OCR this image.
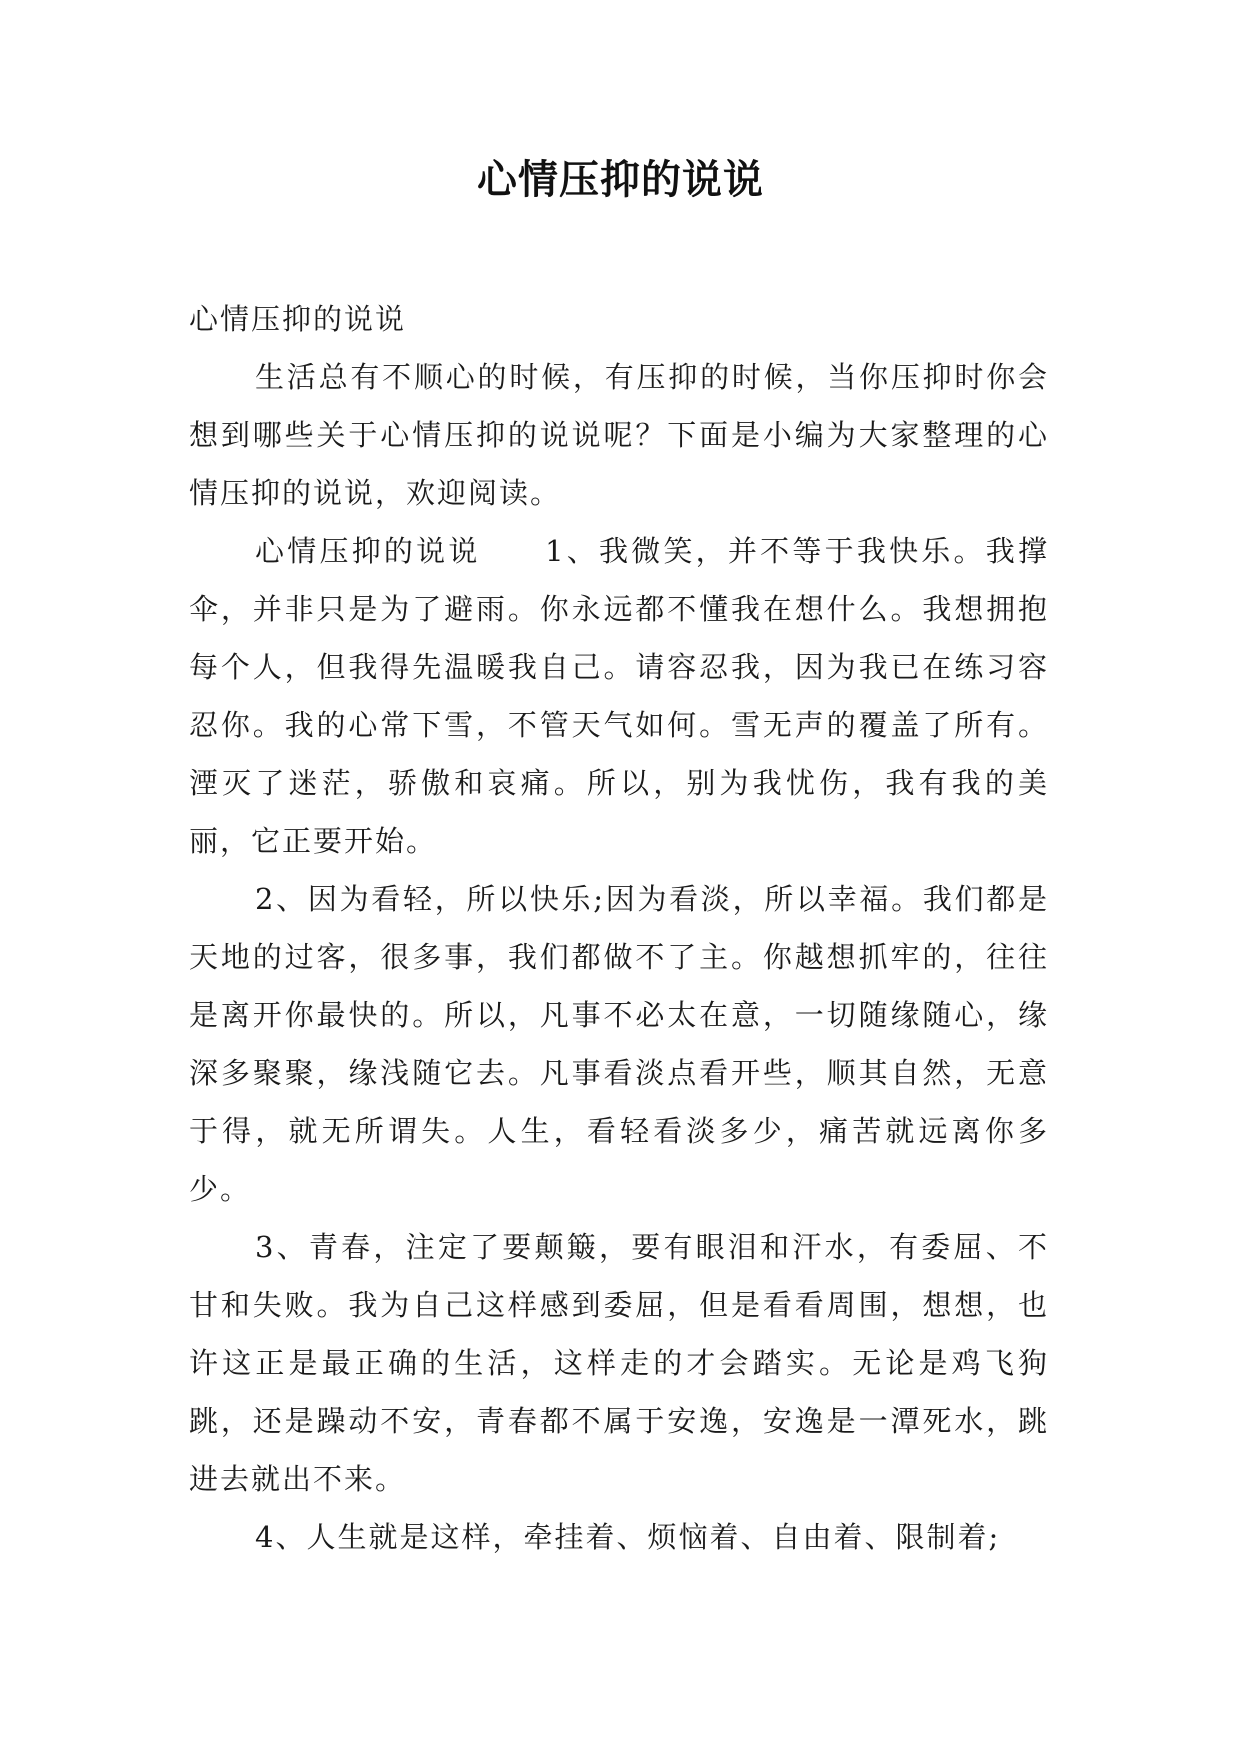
心情压抑的说说

心情压抑的说说

生活总有不顺心的时候，有压抑的时候，当你压抑时你会想到哪些关于心情压抑的说说呢？下面是小编为大家整理的心情压抑的说说，欢迎阅读。

心情压抑的说说　　1、我微笑，并不等于我快乐。我撑伞，并非只是为了避雨。你永远都不懂我在想什么。我想拥抱每个人，但我得先温暖我自己。请容忍我，因为我已在练习容忍你。我的心常下雪，不管天气如何。雪无声的覆盖了所有。湮灭了迷茫，骄傲和哀痛。所以，别为我忧伤，我有我的美丽，它正要开始。

2、因为看轻，所以快乐;因为看淡，所以幸福。我们都是天地的过客，很多事，我们都做不了主。你越想抓牢的，往往是离开你最快的。所以，凡事不必太在意，一切随缘随心，缘深多聚聚，缘浅随它去。凡事看淡点看开些，顺其自然，无意于得，就无所谓失。人生，看轻看淡多少，痛苦就远离你多少。

3、青春，注定了要颠簸，要有眼泪和汗水，有委屈、不甘和失败。我为自己这样感到委屈，但是看看周围，想想，也许这正是最正确的生活，这样走的才会踏实。无论是鸡飞狗跳，还是躁动不安，青春都不属于安逸，安逸是一潭死水，跳进去就出不来。

4、人生就是这样，牵挂着、烦恼着、自由着、限制着;
